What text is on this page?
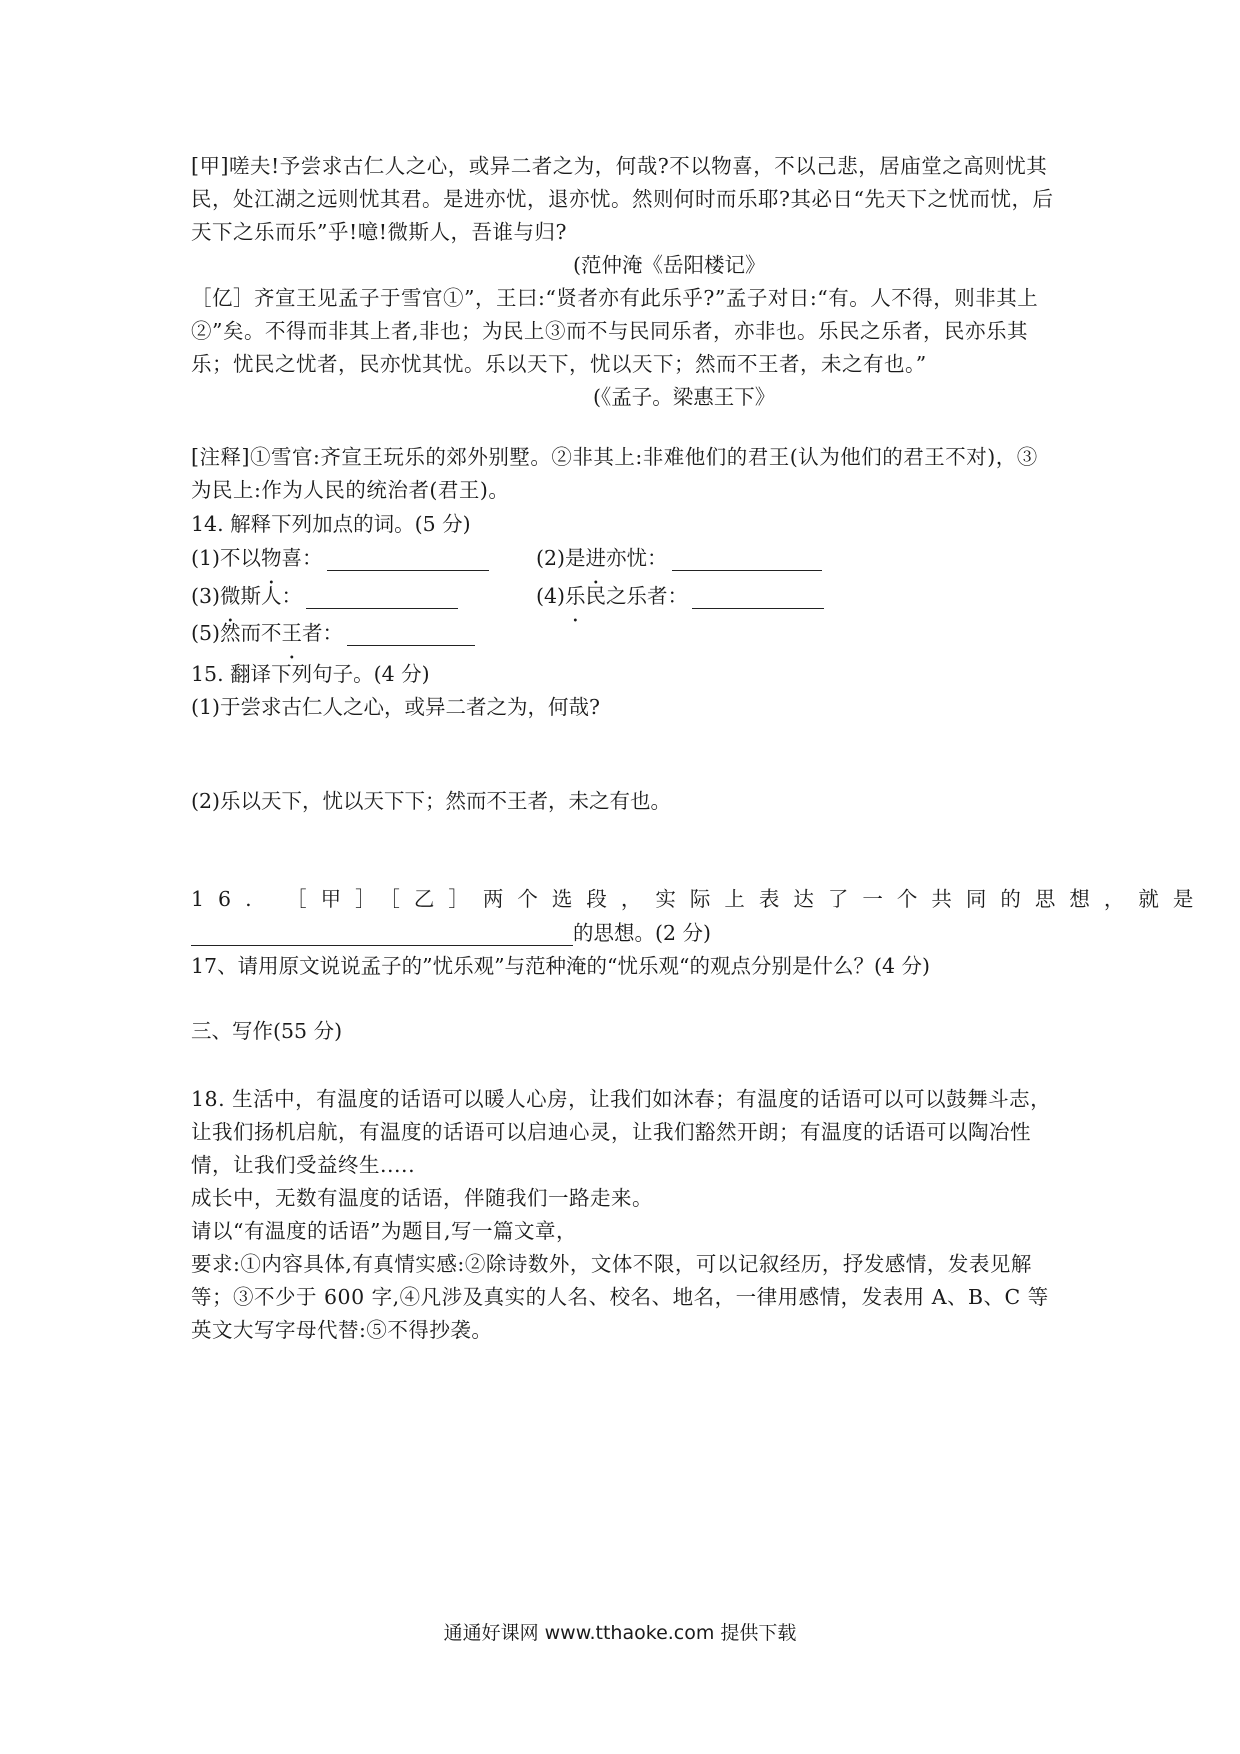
[甲]嗟夫!予尝求古仁人之心，或异二者之为，何哉?不以物喜，不以己悲，居庙堂之高则忧其民，处江湖之远则忧其君。是进亦忧，退亦忧。然则何时而乐耶?其必日“先天下之忧而忧，后天下之乐而乐”乎!噫!微斯人，吾谁与归?

(范仲淹《岳阳楼记》

［亿］齐宣王见孟子于雪官①”，王曰:“贤者亦有此乐乎?”孟子对日:“有。人不得，则非其上②”矣。不得而非其上者,非也；为民上③而不与民同乐者，亦非也。乐民之乐者，民亦乐其乐；忧民之忧者，民亦忧其忧。乐以天下，忧以天下；然而不王者，未之有也。”

(《孟子。梁惠王下》

[注释]①雪官:齐宣王玩乐的郊外别墅。②非其上:非难他们的君王(认为他们的君王不对)，③为民上:作为人民的统治者(君王)。

14. 解释下列加点的词。(5 分)
(1)不以物喜：	(2)是进亦忧：
(3)微斯人：	(4)乐民之乐者：
(5)然而不王者：
15. 翻译下列句子。(4 分)
(1)于尝求古仁人之心，或异二者之为，何哉?
(2)乐以天下，忧以天下下；然而不王者，未之有也。
16. ［甲］［乙］两个选段，实际上表达了一个共同的思想，就是
的思想。(2 分)
17、请用原文说说孟子的”忧乐观”与范种淹的“忧乐观“的观点分别是什么？(4 分)
三、写作(55 分)

18. 生活中，有温度的话语可以暖人心房，让我们如沐春；有温度的话语可以可以鼓舞斗志，让我们扬机启航，有温度的话语可以启迪心灵，让我们豁然开朗；有温度的话语可以陶冶性情，让我们受益终生.....

成长中，无数有温度的话语，伴随我们一路走来。

请以“有温度的话语”为题目,写一篇文章，

要求:①内容具体,有真情实感:②除诗数外，文体不限，可以记叙经历，抒发感情，发表见解等；③不少于 600 字,④凡涉及真实的人名、校名、地名，一律用感情，发表用 A、B、C 等英文大写字母代替:⑤不得抄袭。

通通好课网 www.tthaoke.com 提供下载
